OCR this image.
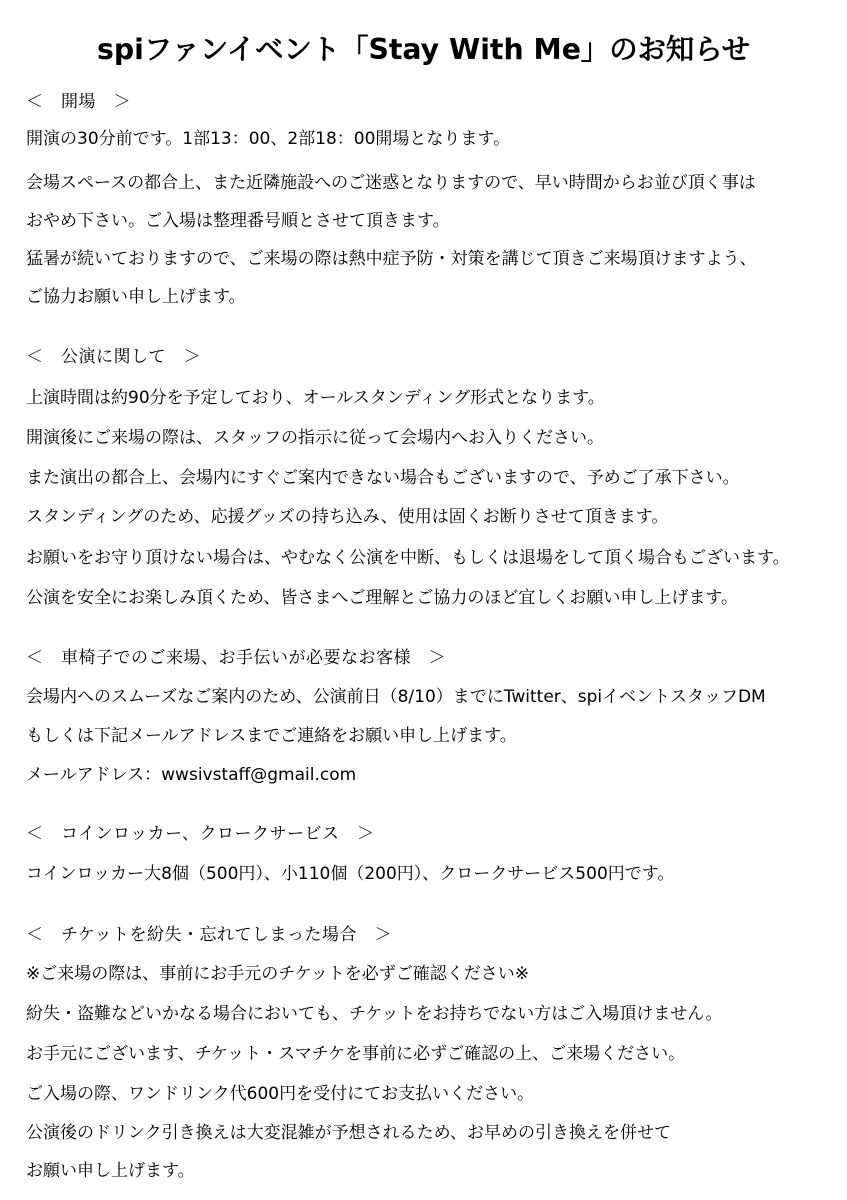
spiファンイベント「Stay With Me」のお知らせ
＜　開場　＞
開演の30分前です。1部13：00、2部18：00開場となります。
会場スペースの都合上、また近隣施設へのご迷惑となりますので、早い時間からお並び頂く事は
おやめ下さい。ご入場は整理番号順とさせて頂きます。
猛暑が続いておりますので、ご来場の際は熱中症予防・対策を講じて頂きご来場頂けますよう、
ご協力お願い申し上げます。
＜　公演に関して　＞
上演時間は約90分を予定しており、オールスタンディング形式となります。
開演後にご来場の際は、スタッフの指示に従って会場内へお入りください。
また演出の都合上、会場内にすぐご案内できない場合もございますので、予めご了承下さい。
スタンディングのため、応援グッズの持ち込み、使用は固くお断りさせて頂きます。
お願いをお守り頂けない場合は、やむなく公演を中断、もしくは退場をして頂く場合もございます。
公演を安全にお楽しみ頂くため、皆さまへご理解とご協力のほど宜しくお願い申し上げます。
＜　車椅子でのご来場、お手伝いが必要なお客様　＞
会場内へのスムーズなご案内のため、公演前日（8/10）までにTwitter、spiイベントスタッフDM
もしくは下記メールアドレスまでご連絡をお願い申し上げます。
メールアドレス：wwsivstaff@gmail.com
＜　コインロッカー、クロークサービス　＞
コインロッカー大8個（500円）、小110個（200円）、クロークサービス500円です。
＜　チケットを紛失・忘れてしまった場合　＞
※ご来場の際は、事前にお手元のチケットを必ずご確認ください※
紛失・盗難などいかなる場合においても、チケットをお持ちでない方はご入場頂けません。
お手元にございます、チケット・スマチケを事前に必ずご確認の上、ご来場ください。
ご入場の際、ワンドリンク代600円を受付にてお支払いください。
公演後のドリンク引き換えは大変混雑が予想されるため、お早めの引き換えを併せて
お願い申し上げます。
